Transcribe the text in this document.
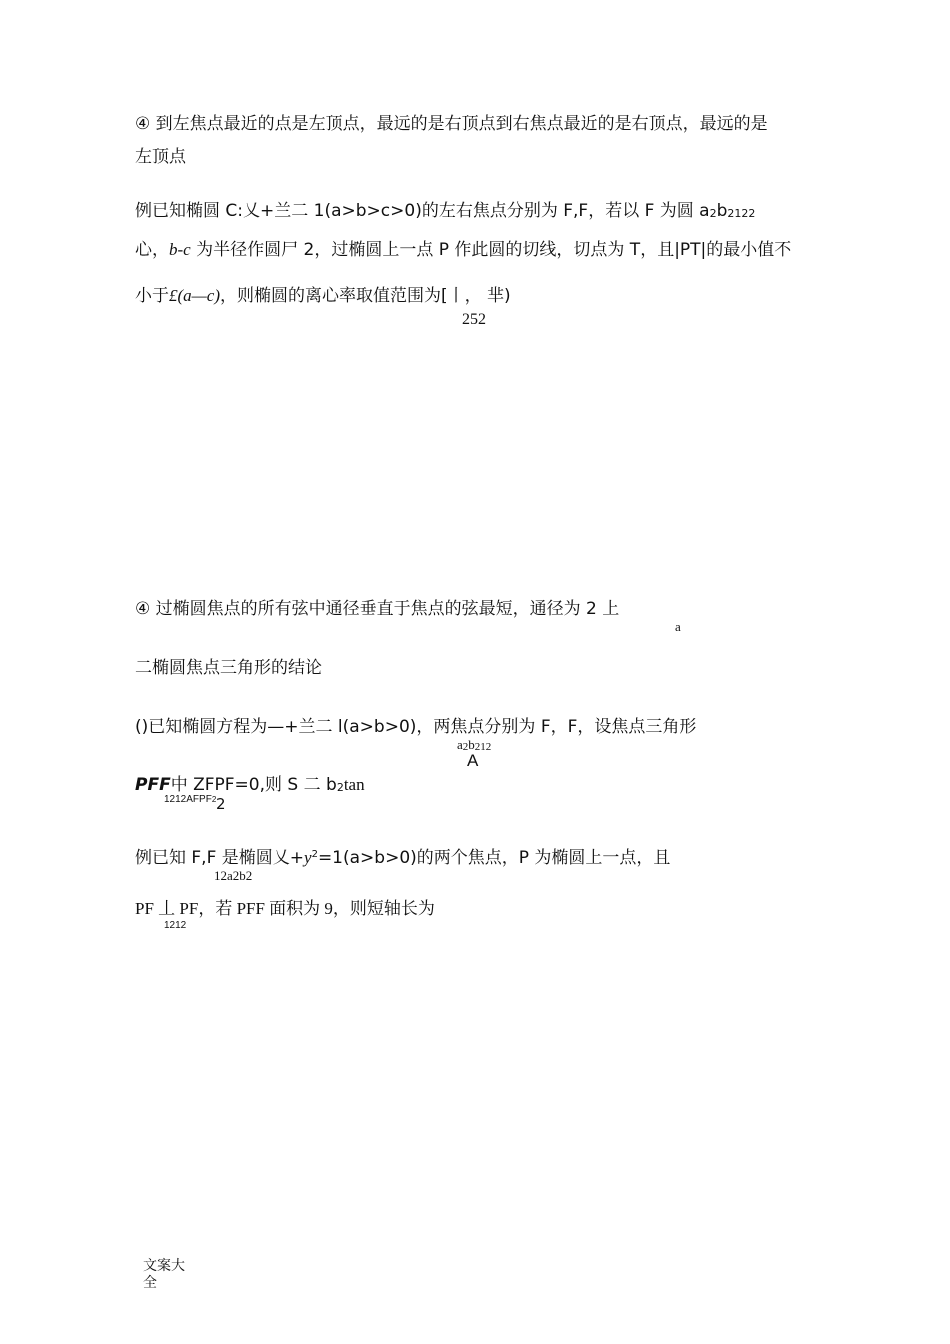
④ 到左焦点最近的点是左顶点，最远的是右顶点到右焦点最近的是右顶点，最远的是
左顶点
例已知椭圆 C:乂+兰二 1(a>b>c>0)的左右焦点分别为 F,F，若以 F 为圆 a2b2122
心，b-c 为半径作圆尸 2，过椭圆上一点 P 作此圆的切线，切点为 T，且|PT|的最小值不
小于£(a—c)，则椭圆的离心率取值范围为[丨， 芈)
252
④ 过椭圆焦点的所有弦中通径垂直于焦点的弦最短，通径为 2 上
a
二椭圆焦点三角形的结论
()已知椭圆方程为—+兰二 l(a>b>0)，两焦点分别为 F，F，设焦点三角形
a2b212
A
PFF中 ZFPF=0,则 S 二 b2tan
1212AFPF2 2
例已知 F,F 是椭圆乂$+y^2=1(a>b>0)$的两个焦点，P 为椭圆上一点，且
12a2b2
PF 丄 PF，若 PFF 面积为 9，则短轴长为
1212
文案大全
